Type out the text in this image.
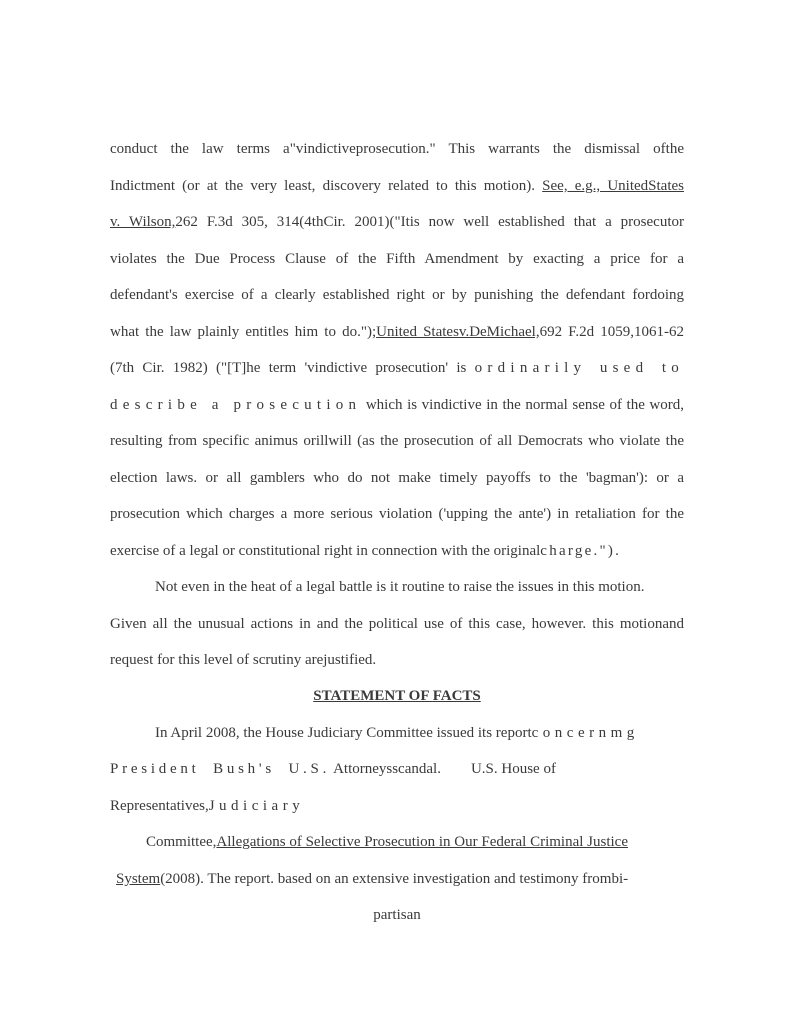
conduct the law terms a"vindictiveprosecution." This warrants the dismissal ofthe
Indictment (or at the very least, discovery related to this motion). See, e.g., UnitedStates
v. Wilson,262 F.3d 305, 314(4thCir. 2001)("Itis now well established that a prosecutor
violates the Due Process Clause of the Fifth Amendment by exacting a price for a
defendant's exercise of a clearly established right or by punishing the defendant fordoing
what the law plainly entitles him to do.");United Statesv.DeMichael,692 F.2d 1059,1061-62
(7th Cir. 1982) ("[T]he term 'vindictive prosecution' is ordinarily used to
describe a prosecution which is vindictive in the normal sense of the word,
resulting from specific animus orillwill (as the prosecution of all Democrats who violate the
election laws. or all gamblers who do not make timely payoffs to the 'bagman'): or a
prosecution which charges a more serious violation ('upping the ante') in retaliation for the
exercise of a legal or constitutional right in connection with the originalcharge.").
Not even in the heat of a legal battle is it routine to raise the issues in this motion.
Given all the unusual actions in and the political use of this case, however. this motionand
request for this level of scrutiny arejustified.
STATEMENT OF FACTS
In April 2008, the House Judiciary Committee issued its reportconcernmg
President Bush's U.S. Attorneysscandal. U.S. House of
Representatives,Judiciary
Committee,Allegations of Selective Prosecution in Our Federal Criminal Justice
System(2008). The report. based on an extensive investigation and testimony frombi-
partisan
